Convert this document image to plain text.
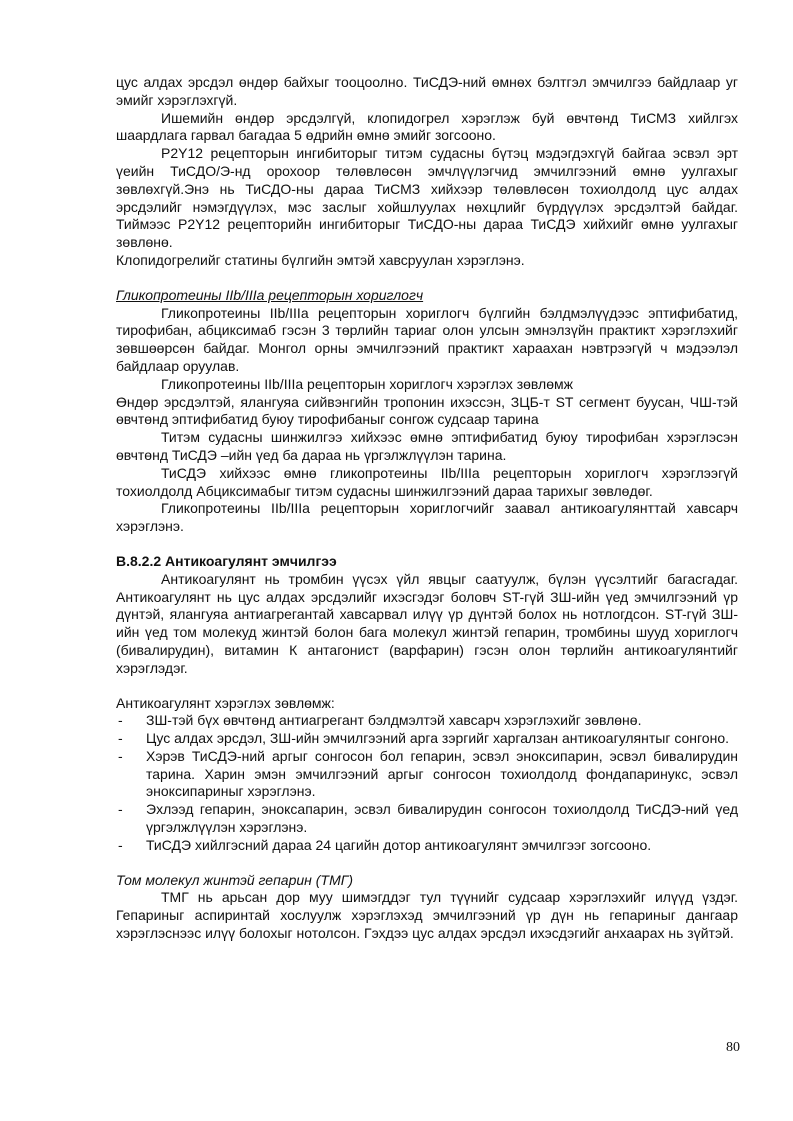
цус алдах эрсдэл өндөр байхыг тооцоолно. ТиСДЭ-ний өмнөх бэлтгэл эмчилгээ байдлаар уг эмийг хэрэглэхгүй.

Ишемийн өндөр эрсдэлгүй, клопидогрел хэрэглэж буй өвчтөнд ТиСМЗ хийлгэх шаардлага гарвал багадаа 5 өдрийн өмнө эмийг зогсооно.

P2Y12 рецепторын ингибиторыг титэм судасны бүтэц мэдэгдэхгүй байгаа эсвэл эрт үеийн ТиСДО/Э-нд орохоор төлөвлөсөн эмчлүүлэгчид эмчилгээний өмнө уулгахыг зөвлөхгүй.Энэ нь ТиСДО-ны дараа ТиСМЗ хийхээр төлөвлөсөн тохиолдолд цус алдах эрсдэлийг нэмэгдүүлэх, мэс заслыг хойшлуулах нөхцлийг бүрдүүлэх эрсдэлтэй байдаг. Тиймээс P2Y12 рецепторийн ингибиторыг ТиСДО-ны дараа ТиСДЭ хийхийг өмнө уулгахыг зөвлөнө.

Клопидогрелийг статины бүлгийн эмтэй хавсруулан хэрэглэнэ.

Гликопротеины IIb/IIIa рецепторын хориглогч

Гликопротеины IIb/IIIa рецепторын хориглогч бүлгийн бэлдмэлүүдээс эптифибатид, тирофибан, абциксимаб гэсэн 3 төрлийн тариаг олон улсын эмнэлзүйн практикт хэрэглэхийг зөвшөөрсөн байдаг. Монгол орны эмчилгээний практикт хараахан нэвтрээгүй ч мэдээлэл байдлаар оруулав.

Гликопротеины IIb/IIIa рецепторын хориглогч хэрэглэх зөвлөмж

Өндөр эрсдэлтэй, ялангуяа сийвэнгийн тропонин ихэссэн, ЗЦБ-т ST сегмент буусан, ЧШ-тэй өвчтөнд эптифибатид буюу тирофибаныг сонгож судсаар тарина

Титэм судасны шинжилгээ хийхээс өмнө эптифибатид буюу тирофибан хэрэглэсэн өвчтөнд ТиСДЭ –ийн үед ба дараа нь үргэлжлүүлэн тарина.

ТиСДЭ хийхээс өмнө гликопротеины IIb/IIIa рецепторын хориглогч хэрэглээгүй тохиолдолд Абциксимабыг титэм судасны шинжилгээний дараа тарихыг зөвлөдөг.

Гликопротеины IIb/IIIa рецепторын хориглогчийг заавал антикоагулянттай хавсарч хэрэглэнэ.

В.8.2.2 Антикоагулянт эмчилгээ

Антикоагулянт нь тромбин үүсэх үйл явцыг саатуулж, бүлэн үүсэлтийг багасгадаг. Антикоагулянт нь цус алдах эрсдэлийг ихэсгэдэг боловч ST-гүй ЗШ-ийн үед эмчилгээний үр дүнтэй, ялангуяа антиагрегантай хавсарвал илүү үр дүнтэй болох нь нотлогдсон. ST-гүй ЗШ-ийн үед том молекуд жинтэй болон бага молекул жинтэй гепарин, тромбины шууд хориглогч (бивалирудин), витамин К антагонист (варфарин) гэсэн олон төрлийн антикоагулянтийг хэрэглэдэг.

Антикоагулянт хэрэглэх зөвлөмж:

- ЗШ-тэй бүх өвчтөнд антиагрегант бэлдмэлтэй хавсарч хэрэглэхийг зөвлөнө.
- Цус алдах эрсдэл, ЗШ-ийн эмчилгээний арга зэргийг харгалзан антикоагулянтыг сонгоно.
- Хэрэв ТиСДЭ-ний аргыг сонгосон бол гепарин, эсвэл эноксипарин, эсвэл бивалирудин тарина. Харин эмэн эмчилгээний аргыг сонгосон тохиолдолд фондапаринукс, эсвэл эноксипариныг хэрэглэнэ.
- Эхлээд гепарин, эноксапарин, эсвэл бивалирудин сонгосон тохиолдолд ТиСДЭ-ний үед үргэлжлүүлэн хэрэглэнэ.
- ТиСДЭ хийлгэсний дараа 24 цагийн дотор антикоагулянт эмчилгээг зогсооно.

Том молекул жинтэй гепарин (ТМГ)

ТМГ нь арьсан дор муу шимэгддэг тул түүнийг судсаар хэрэглэхийг илүүд үздэг. Гепариныг аспиринтай хослуулж хэрэглэхэд эмчилгээний үр дүн нь гепариныг дангаар хэрэглэснээс илүү болохыг нотолсон. Гэхдээ цус алдах эрсдэл ихэсдэгийг анхаарах нь зүйтэй.

80
